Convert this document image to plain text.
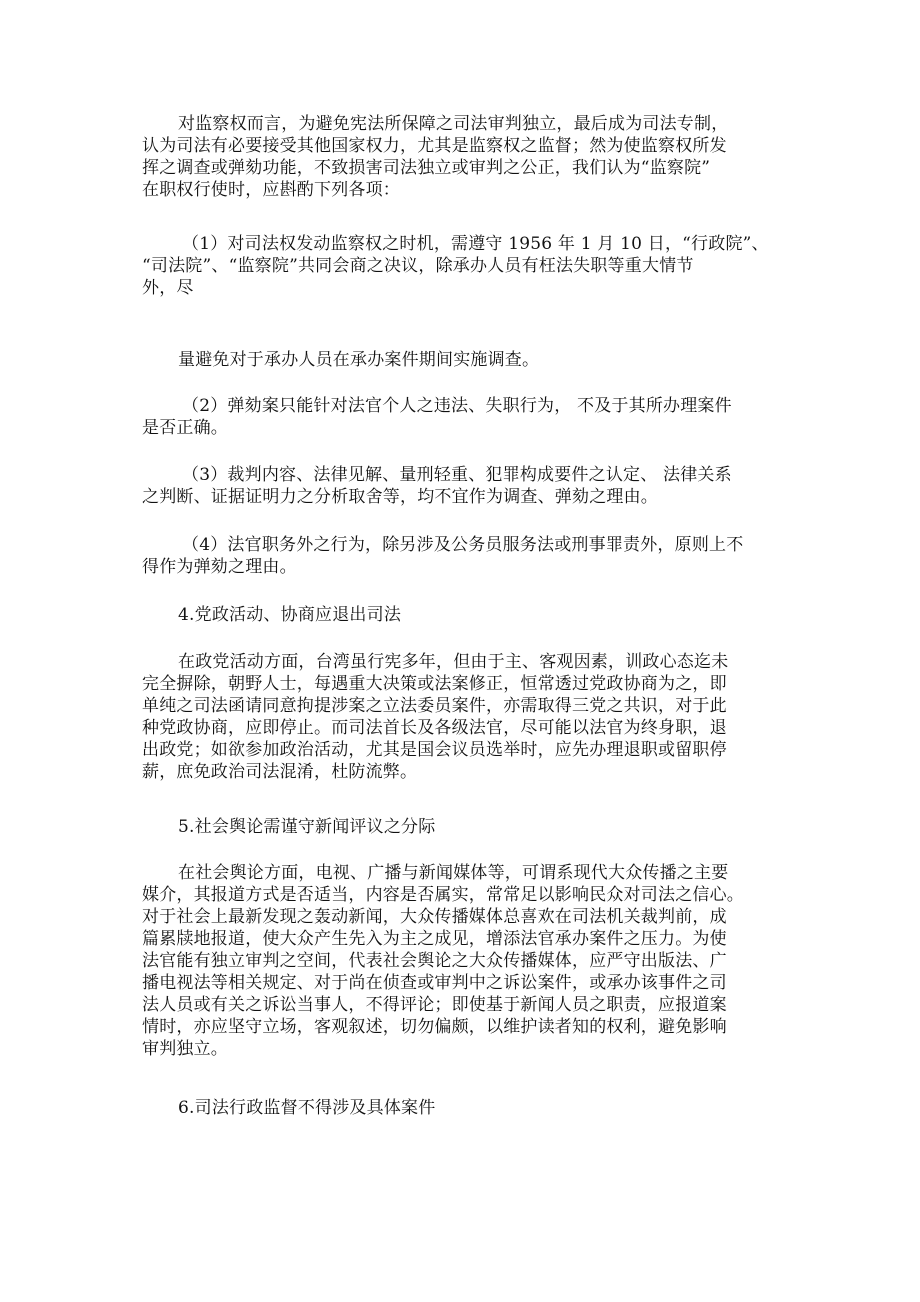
对监察权而言，为避免宪法所保障之司法审判独立，最后成为司法专制，
认为司法有必要接受其他国家权力，尤其是监察权之监督；然为使监察权所发
挥之调查或弹劾功能，不致损害司法独立或审判之公正，我们认为“监察院”
在职权行使时，应斟酌下列各项：
（1）对司法权发动监察权之时机，需遵守 1956 年 1 月 10 日，“行政院”、
“司法院”、“监察院”共同会商之决议，除承办人员有枉法失职等重大情节
外，尽
量避免对于承办人员在承办案件期间实施调查。
（2）弹劾案只能针对法官个人之违法、失职行为， 不及于其所办理案件
是否正确。
（3）裁判内容、法律见解、量刑轻重、犯罪构成要件之认定、 法律关系
之判断、证据证明力之分析取舍等，均不宜作为调查、弹劾之理由。
（4）法官职务外之行为，除另涉及公务员服务法或刑事罪责外，原则上不
得作为弹劾之理由。
4.党政活动、协商应退出司法
在政党活动方面，台湾虽行宪多年，但由于主、客观因素，训政心态迄未
完全摒除，朝野人士，每遇重大决策或法案修正，恒常透过党政协商为之，即
单纯之司法函请同意拘提涉案之立法委员案件，亦需取得三党之共识，对于此
种党政协商，应即停止。而司法首长及各级法官，尽可能以法官为终身职，退
出政党；如欲参加政治活动，尤其是国会议员选举时，应先办理退职或留职停
薪，庶免政治司法混淆，杜防流弊。
5.社会舆论需谨守新闻评议之分际
在社会舆论方面，电视、广播与新闻媒体等，可谓系现代大众传播之主要
媒介，其报道方式是否适当，内容是否属实，常常足以影响民众对司法之信心。
对于社会上最新发现之轰动新闻，大众传播媒体总喜欢在司法机关裁判前，成
篇累牍地报道，使大众产生先入为主之成见，增添法官承办案件之压力。为使
法官能有独立审判之空间，代表社会舆论之大众传播媒体，应严守出版法、广
播电视法等相关规定、对于尚在侦查或审判中之诉讼案件，或承办该事件之司
法人员或有关之诉讼当事人，不得评论；即使基于新闻人员之职责，应报道案
情时，亦应坚守立场，客观叙述，切勿偏颇，以维护读者知的权利，避免影响
审判独立。
6.司法行政监督不得涉及具体案件
